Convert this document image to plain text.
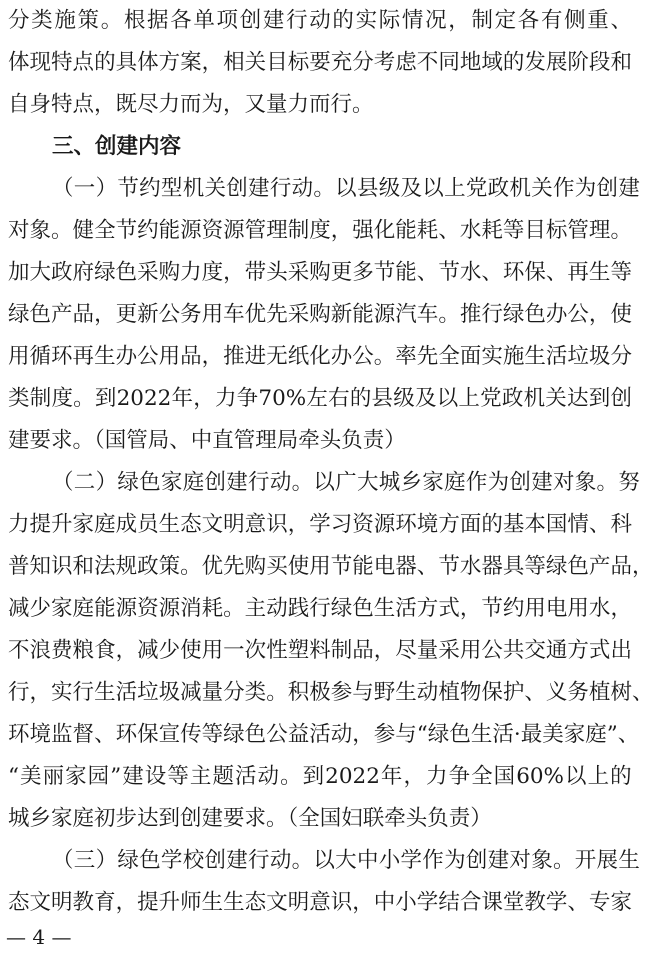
分 类 施 策 。 根 据 各 单 项 创 建 行 动 的 实 际 情 况 ， 制 定 各 有 侧 重 、
体 现 特 点 的 具 体 方 案 ， 相 关 目 标 要 充 分 考 虑 不 同 地 域 的 发 展 阶 段 和
自身特点，既尽力而为，又量力而行。
三、创建内容
（ 一 ） 节 约 型 机 关 创 建 行 动 。 以 县 级 及 以 上 党 政 机 关 作 为 创 建
对 象 。 健 全 节 约 能 源 资 源 管 理 制 度 ， 强 化 能 耗 、 水 耗 等 目 标 管 理 。
加 大 政 府 绿 色 采 购 力 度 ， 带 头 采 购 更 多 节 能 、 节 水 、 环 保 、 再 生 等
绿 色 产 品 ， 更 新 公 务 用 车 优 先 采 购 新 能 源 汽 车 。 推 行 绿 色 办 公 ， 使
用 循 环 再 生 办 公 用 品 ， 推 进 无 纸 化 办 公 。 率 先 全 面 实 施 生 活 垃 圾 分
类 制 度 。 到 2022 年 ， 力 争 70% 左 右 的 县 级 及 以 上 党 政 机 关 达 到 创
建要求。（国管局、中直管理局牵头负责）
（ 二 ） 绿 色 家 庭 创 建 行 动 。 以 广 大 城 乡 家 庭 作 为 创 建 对 象 。 努
力 提 升 家 庭 成 员 生 态 文 明 意 识 ， 学 习 资 源 环 境 方 面 的 基 本 国 情 、 科
普 知 识 和 法 规 政 策 。 优 先 购 买 使 用 节 能 电 器 、 节 水 器 具 等 绿 色 产 品 ，
减 少 家 庭 能 源 资 源 消 耗 。 主 动 践 行 绿 色 生 活 方 式 ， 节 约 用 电 用 水 ，
不 浪 费 粮 食 ， 减 少 使 用 一 次 性 塑 料 制 品 ， 尽 量 采 用 公 共 交 通 方 式 出
行 ， 实 行 生 活 垃 圾 减 量 分 类 。 积 极 参 与 野 生 动 植 物 保 护 、 义 务 植 树 、
环 境 监 督 、 环 保 宣 传 等 绿 色 公 益 活 动 ， 参 与 “ 绿 色 生 活 · 最 美 家 庭 ” 、
“ 美 丽 家 园 ” 建 设 等 主 题 活 动 。 到 2022 年 ， 力 争 全 国 60% 以 上 的
城乡家庭初步达到创建要求。（全国妇联牵头负责）
（ 三 ） 绿 色 学 校 创 建 行 动 。 以 大 中 小 学 作 为 创 建 对 象 。 开 展 生
态 文 明 教 育 ， 提 升 师 生 生 态 文 明 意 识 ， 中 小 学 结 合 课 堂 教 学 、 专 家
— 4 —
